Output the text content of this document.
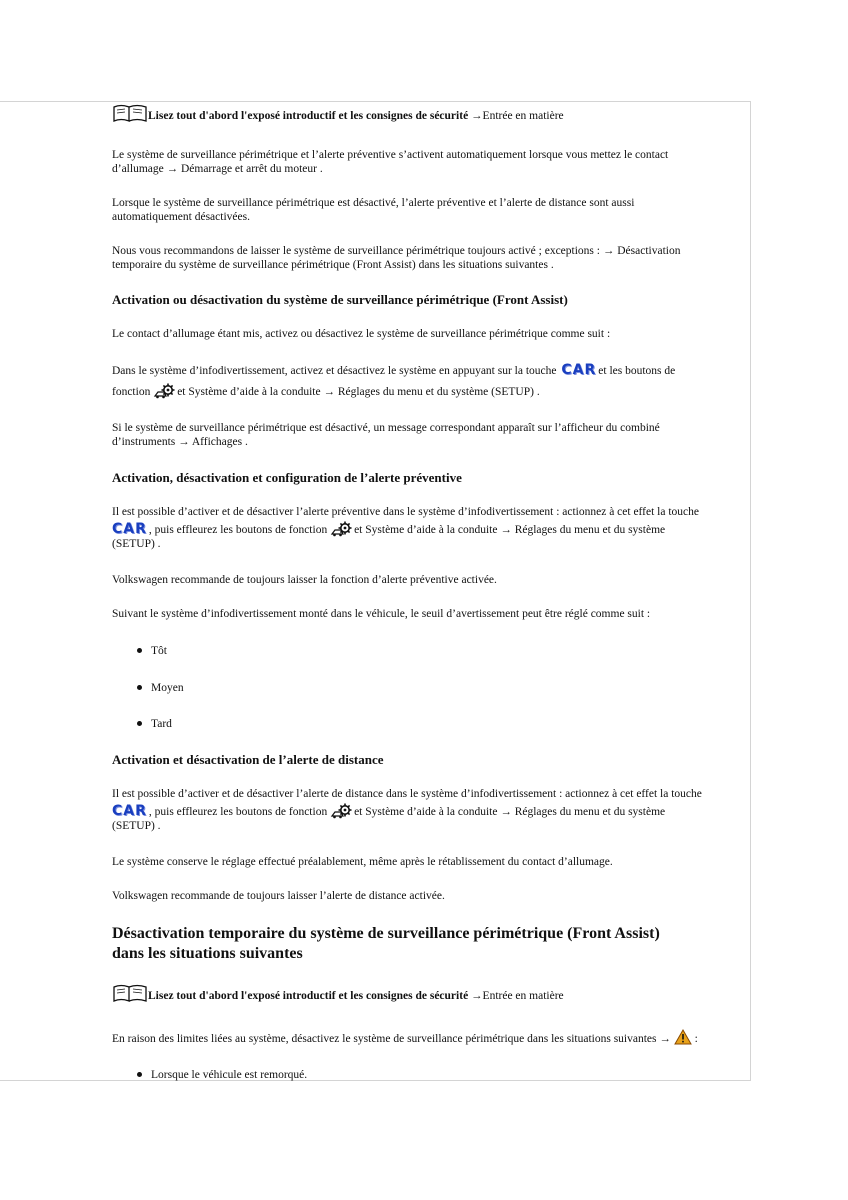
Lisez tout d'abord l'exposé introductif et les consignes de sécurité →Entrée en matière
Le système de surveillance périmétrique et l’alerte préventive s’activent automatiquement lorsque vous mettez le contact
d’allumage → Démarrage et arrêt du moteur .
Lorsque le système de surveillance périmétrique est désactivé, l’alerte préventive et l’alerte de distance sont aussi
automatiquement désactivées.
Nous vous recommandons de laisser le système de surveillance périmétrique toujours activé ; exceptions : → Désactivation
temporaire du système de surveillance périmétrique (Front Assist) dans les situations suivantes .
Activation ou désactivation du système de surveillance périmétrique (Front Assist)
Le contact d’allumage étant mis, activez ou désactivez le système de surveillance périmétrique comme suit :
Dans le système d’infodivertissement, activez et désactivez le système en appuyant sur la touche CAR et les boutons de
fonction et Système d’aide à la conduite → Réglages du menu et du système (SETUP) .
Si le système de surveillance périmétrique est désactivé, un message correspondant apparaît sur l’afficheur du combiné
d’instruments → Affichages .
Activation, désactivation et configuration de l’alerte préventive
Il est possible d’activer et de désactiver l’alerte préventive dans le système d’infodivertissement : actionnez à cet effet la touche
CAR , puis effleurez les boutons de fonction et Système d’aide à la conduite → Réglages du menu et du système
(SETUP) .
Volkswagen recommande de toujours laisser la fonction d’alerte préventive activée.
Suivant le système d’infodivertissement monté dans le véhicule, le seuil d’avertissement peut être réglé comme suit :
Tôt
Moyen
Tard
Activation et désactivation de l’alerte de distance
Il est possible d’activer et de désactiver l’alerte de distance dans le système d’infodivertissement : actionnez à cet effet la touche
CAR , puis effleurez les boutons de fonction et Système d’aide à la conduite → Réglages du menu et du système
(SETUP) .
Le système conserve le réglage effectué préalablement, même après le rétablissement du contact d’allumage.
Volkswagen recommande de toujours laisser l’alerte de distance activée.
Désactivation temporaire du système de surveillance périmétrique (Front Assist)
dans les situations suivantes
Lisez tout d'abord l'exposé introductif et les consignes de sécurité →Entrée en matière
En raison des limites liées au système, désactivez le système de surveillance périmétrique dans les situations suivantes → :
Lorsque le véhicule est remorqué.
